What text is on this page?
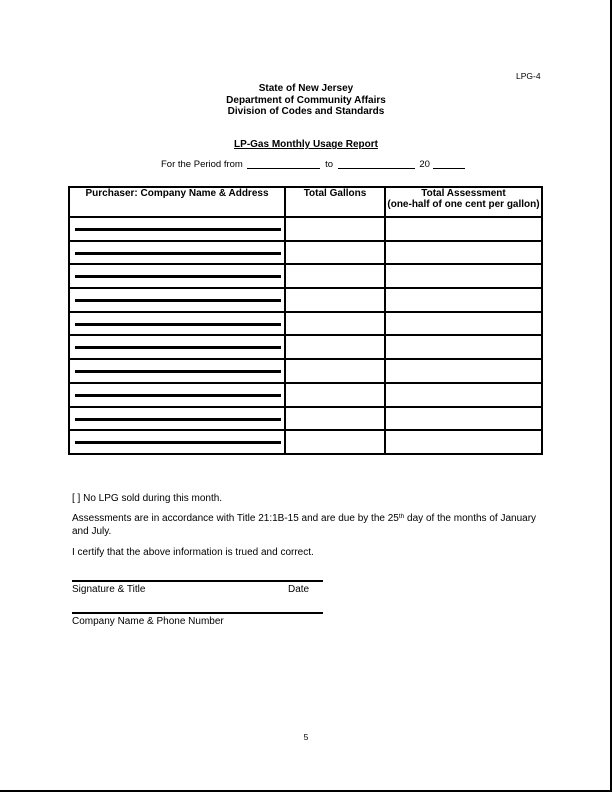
LPG-4
State of New Jersey
Department of Community Affairs
Division of Codes and Standards
LP-Gas Monthly Usage Report
For the Period from	to	20
Purchaser: Company Name & Address	Total Gallons	Total Assessment
(one-half of one cent per gallon)

[ ] No LPG sold during this month.
Assessments are in accordance with Title 21:1B-15 and are due by the 25th day of the months of January
and July.
I certify that the above information is trued and correct.
Signature & Title	Date
Company Name & Phone Number
5
